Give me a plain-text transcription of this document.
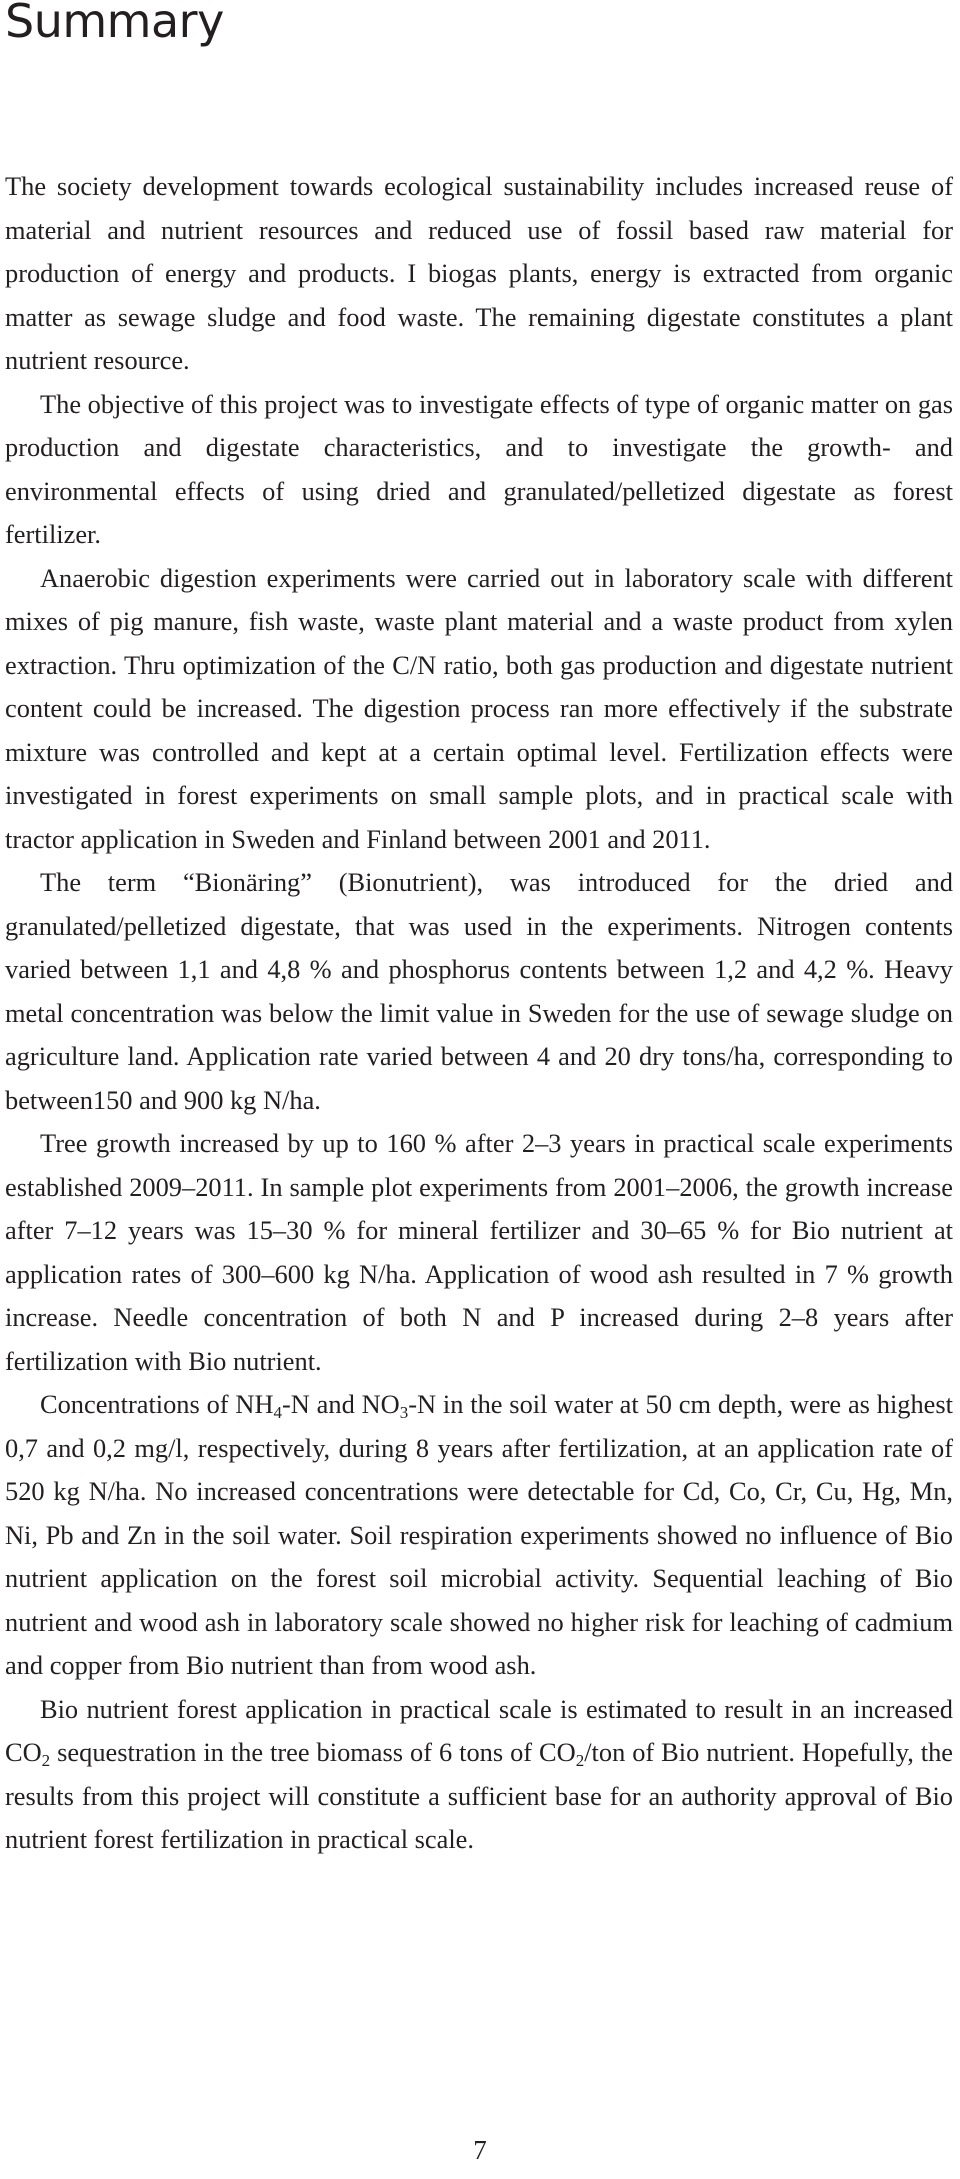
Summary

The society development towards ecological sustainability includes increased reuse of material and nutrient resources and reduced use of fossil based raw material for production of energy and products. I biogas plants, energy is extracted from organic matter as sewage sludge and food waste. The remaining digestate constitutes a plant nutrient resource.

The objective of this project was to investigate effects of type of organic matter on gas production and digestate characteristics, and to investigate the growth- and environmental effects of using dried and granulated/pelletized digestate as forest fertilizer.

Anaerobic digestion experiments were carried out in laboratory scale with different mixes of pig manure, fish waste, waste plant material and a waste product from xylen extraction. Thru optimization of the C/N ratio, both gas production and digestate nutrient content could be increased. The digestion process ran more effectively if the substrate mixture was controlled and kept at a certain optimal level. Fertilization effects were investigated in forest experiments on small sample plots, and in practical scale with tractor application in Sweden and Finland between 2001 and 2011.

The term “Bionäring” (Bionutrient), was introduced for the dried and granulated/pelletized digestate, that was used in the experiments. Nitrogen contents varied between 1,1 and 4,8 % and phosphorus contents between 1,2 and 4,2 %. Heavy metal concentration was below the limit value in Sweden for the use of sewage sludge on agriculture land. Application rate varied between 4 and 20 dry tons/ha, corresponding to between150 and 900 kg N/ha.

Tree growth increased by up to 160 % after 2–3 years in practical scale experiments established 2009–2011. In sample plot experiments from 2001–2006, the growth increase after 7–12 years was 15–30 % for mineral fertilizer and 30–65 % for Bio nutrient at application rates of 300–600 kg N/ha. Application of wood ash resulted in 7 % growth increase. Needle concentration of both N and P increased during 2–8 years after fertilization with Bio nutrient.

Concentrations of $NH_4-N$ and $NO_3-N$ in the soil water at 50 cm depth, were as highest 0,7 and 0,2 mg/l, respectively, during 8 years after fertilization, at an application rate of 520 kg N/ha. No increased concentrations were detectable for Cd, Co, Cr, Cu, Hg, Mn, Ni, Pb and Zn in the soil water. Soil respiration experiments showed no influence of Bio nutrient application on the forest soil microbial activity. Sequential leaching of Bio nutrient and wood ash in laboratory scale showed no higher risk for leaching of cadmium and copper from Bio nutrient than from wood ash.

Bio nutrient forest application in practical scale is estimated to result in an increased $CO_2$ sequestration in the tree biomass of 6 tons of $CO_2$/ton of Bio nutrient. Hopefully, the results from this project will constitute a sufficient base for an authority approval of Bio nutrient forest fertilization in practical scale.

7
